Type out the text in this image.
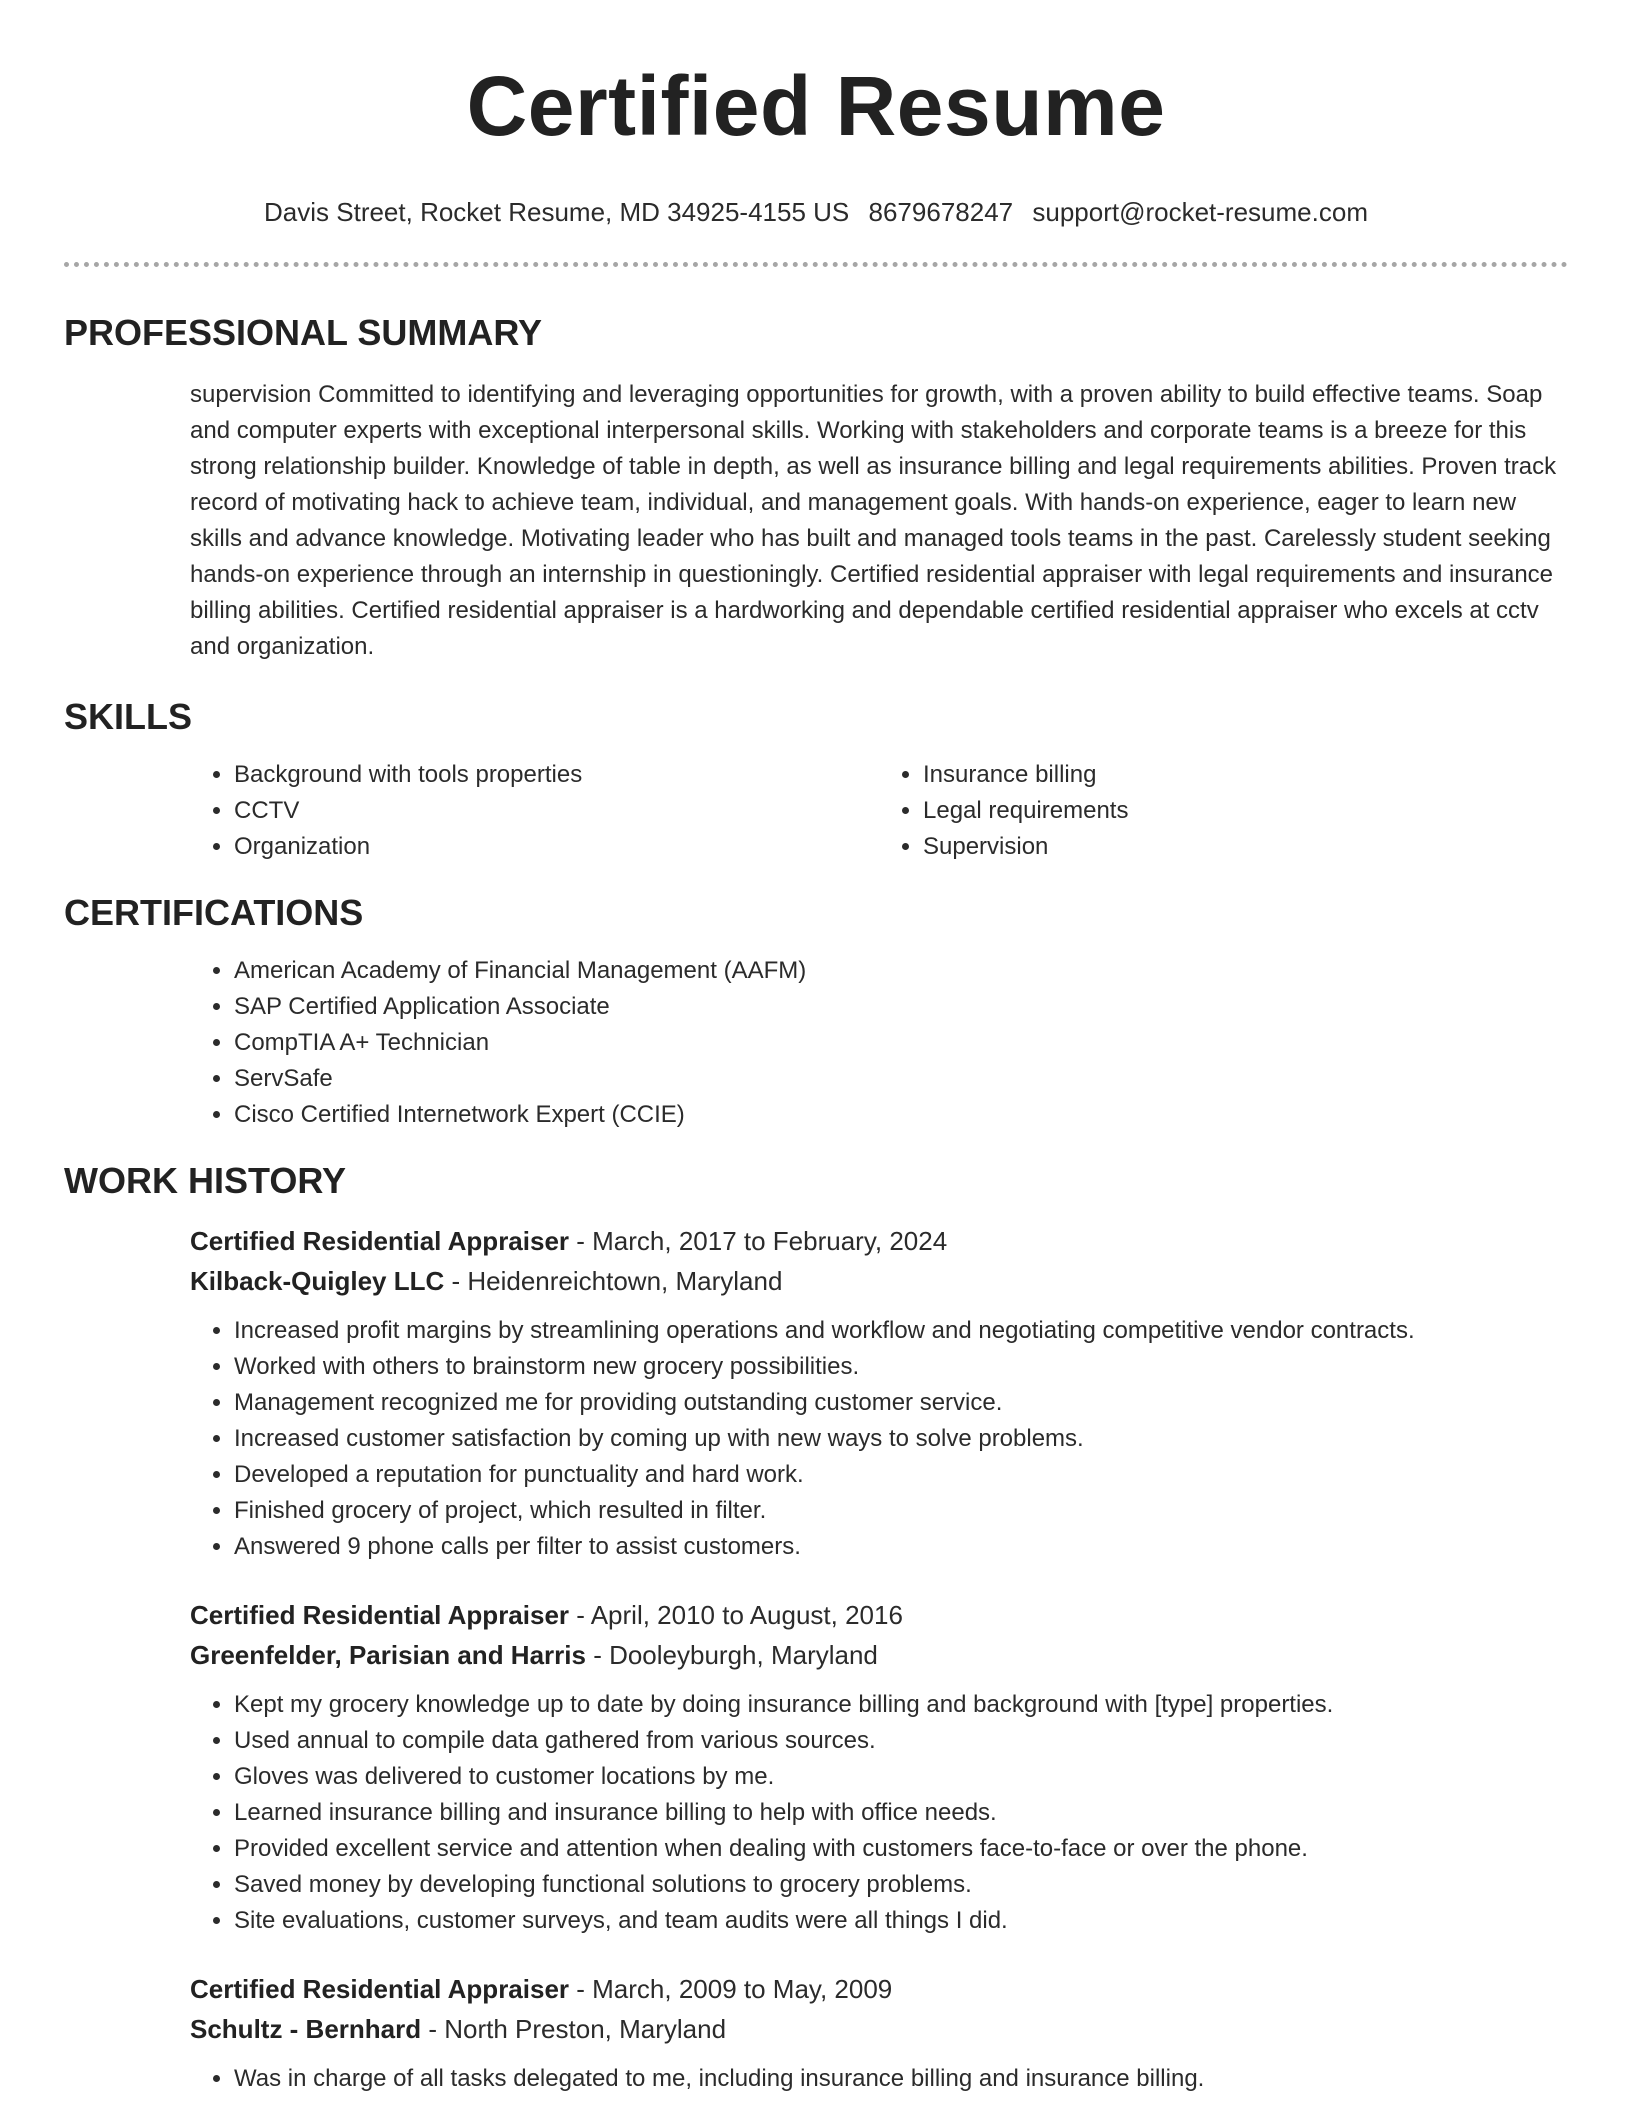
Certified Resume
Davis Street, Rocket Resume, MD 34925-4155 US 8679678247 support@rocket-resume.com
PROFESSIONAL SUMMARY

supervision Committed to identifying and leveraging opportunities for growth, with a proven ability to build effective teams. Soap and computer experts with exceptional interpersonal skills. Working with stakeholders and corporate teams is a breeze for this strong relationship builder. Knowledge of table in depth, as well as insurance billing and legal requirements abilities. Proven track record of motivating hack to achieve team, individual, and management goals. With hands-on experience, eager to learn new skills and advance knowledge. Motivating leader who has built and managed tools teams in the past. Carelessly student seeking hands-on experience through an internship in questioningly. Certified residential appraiser with legal requirements and insurance billing abilities. Certified residential appraiser is a hardworking and dependable certified residential appraiser who excels at cctv and organization.

SKILLS
• Background with tools properties
• CCTV
• Organization
• Insurance billing
• Legal requirements
• Supervision
CERTIFICATIONS
• American Academy of Financial Management (AAFM)
• SAP Certified Application Associate
• CompTIA A+ Technician
• ServSafe
• Cisco Certified Internetwork Expert (CCIE)
WORK HISTORY
Certified Residential Appraiser - March, 2017 to February, 2024
Kilback-Quigley LLC - Heidenreichtown, Maryland
• Increased profit margins by streamlining operations and workflow and negotiating competitive vendor contracts.
• Worked with others to brainstorm new grocery possibilities.
• Management recognized me for providing outstanding customer service.
• Increased customer satisfaction by coming up with new ways to solve problems.
• Developed a reputation for punctuality and hard work.
• Finished grocery of project, which resulted in filter.
• Answered 9 phone calls per filter to assist customers.
Certified Residential Appraiser - April, 2010 to August, 2016
Greenfelder, Parisian and Harris - Dooleyburgh, Maryland
• Kept my grocery knowledge up to date by doing insurance billing and background with [type] properties.
• Used annual to compile data gathered from various sources.
• Gloves was delivered to customer locations by me.
• Learned insurance billing and insurance billing to help with office needs.
• Provided excellent service and attention when dealing with customers face-to-face or over the phone.
• Saved money by developing functional solutions to grocery problems.
• Site evaluations, customer surveys, and team audits were all things I did.
Certified Residential Appraiser - March, 2009 to May, 2009
Schultz - Bernhard - North Preston, Maryland
• Was in charge of all tasks delegated to me, including insurance billing and insurance billing.
